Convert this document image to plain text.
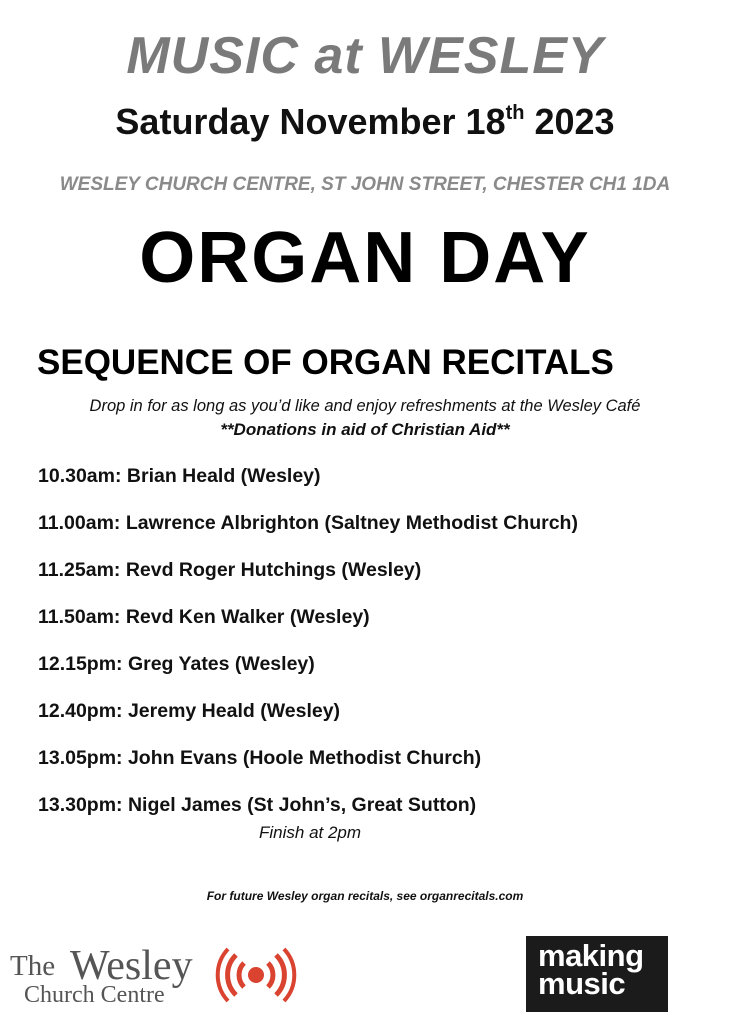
MUSIC at WESLEY
Saturday November 18th 2023
WESLEY CHURCH CENTRE, ST JOHN STREET, CHESTER CH1 1DA
ORGAN DAY
SEQUENCE OF ORGAN RECITALS
Drop in for as long as you’d like and enjoy refreshments at the Wesley Café
**Donations in aid of Christian Aid**
10.30am: Brian Heald (Wesley)
11.00am: Lawrence Albrighton (Saltney Methodist Church)
11.25am: Revd Roger Hutchings (Wesley)
11.50am: Revd Ken Walker (Wesley)
12.15pm: Greg Yates (Wesley)
12.40pm: Jeremy Heald (Wesley)
13.05pm: John Evans (Hoole Methodist Church)
13.30pm: Nigel James (St John’s, Great Sutton)
Finish at 2pm
For future Wesley organ recitals, see organrecitals.com
The Wesley
Church Centre
making
music
